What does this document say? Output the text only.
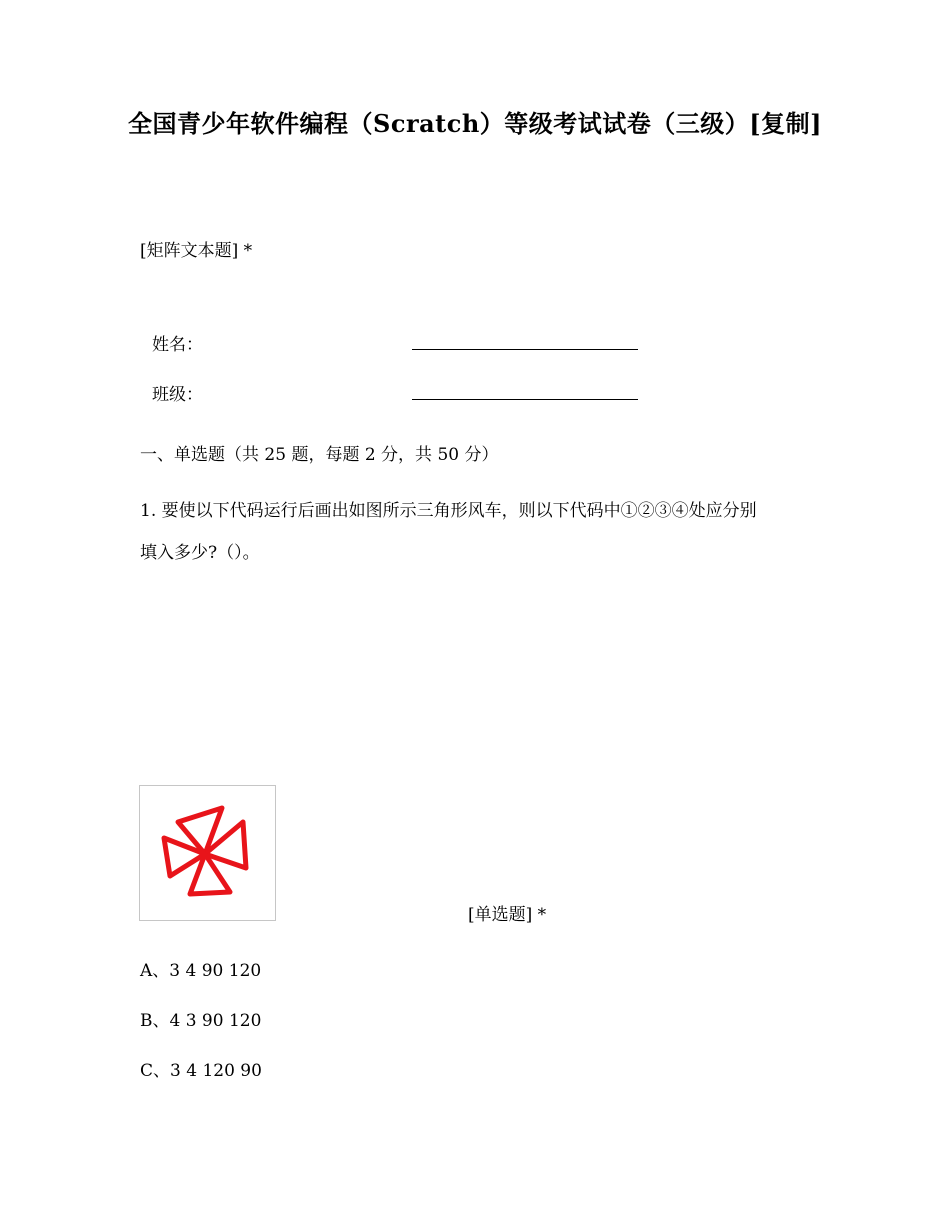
全国青少年软件编程（Scratch）等级考试试卷（三级）[复制]
[矩阵文本题] *
姓名：
班级：
一、单选题（共 25 题，每题 2 分，共 50 分）
1. 要使以下代码运行后画出如图所示三角形风车，则以下代码中①②③④处应分别
填入多少?（）。
[单选题] *
A、3 4 90 120
B、4 3 90 120
C、3 4 120 90
